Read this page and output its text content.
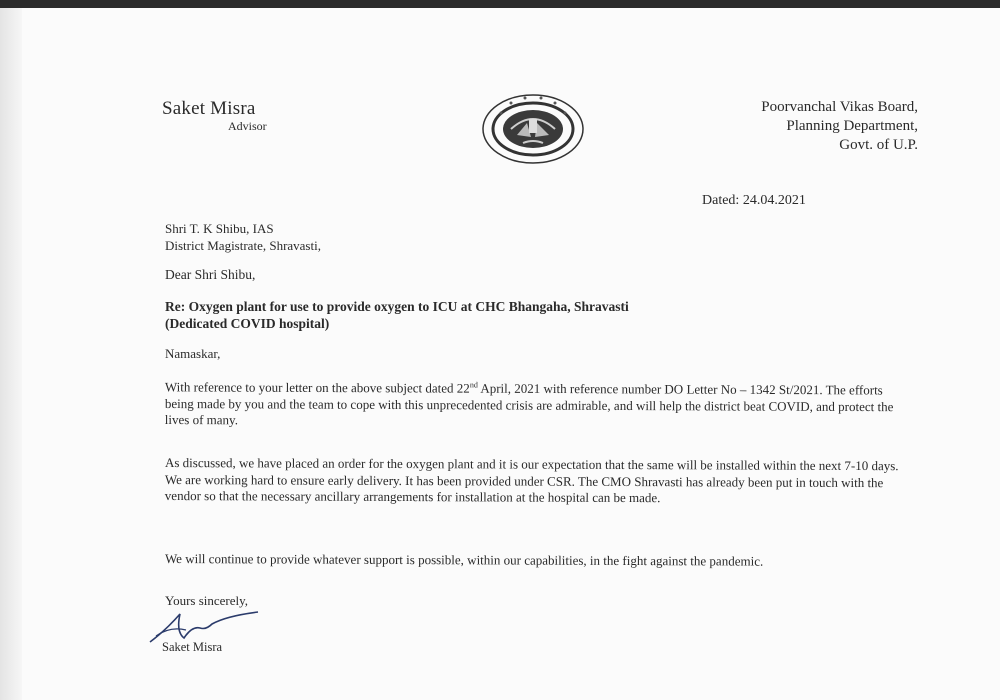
Saket Misra
Advisor
Poorvanchal Vikas Board,
Planning Department,
Govt. of U.P.
Dated: 24.04.2021
Shri T. K Shibu, IAS
District Magistrate, Shravasti,
Dear Shri Shibu,
Re: Oxygen plant for use to provide oxygen to ICU at CHC Bhangaha, Shravasti
(Dedicated COVID hospital)
Namaskar,
With reference to your letter on the above subject dated 22nd April, 2021 with reference number DO Letter No – 1342 St/2021. The efforts being made by you and the team to cope with this unprecedented crisis are admirable, and will help the district beat COVID, and protect the lives of many.
As discussed, we have placed an order for the oxygen plant and it is our expectation that the same will be installed within the next 7-10 days. We are working hard to ensure early delivery. It has been provided under CSR. The CMO Shravasti has already been put in touch with the vendor so that the necessary ancillary arrangements for installation at the hospital can be made.
We will continue to provide whatever support is possible, within our capabilities, in the fight against the pandemic.
Yours sincerely,
Saket Misra
